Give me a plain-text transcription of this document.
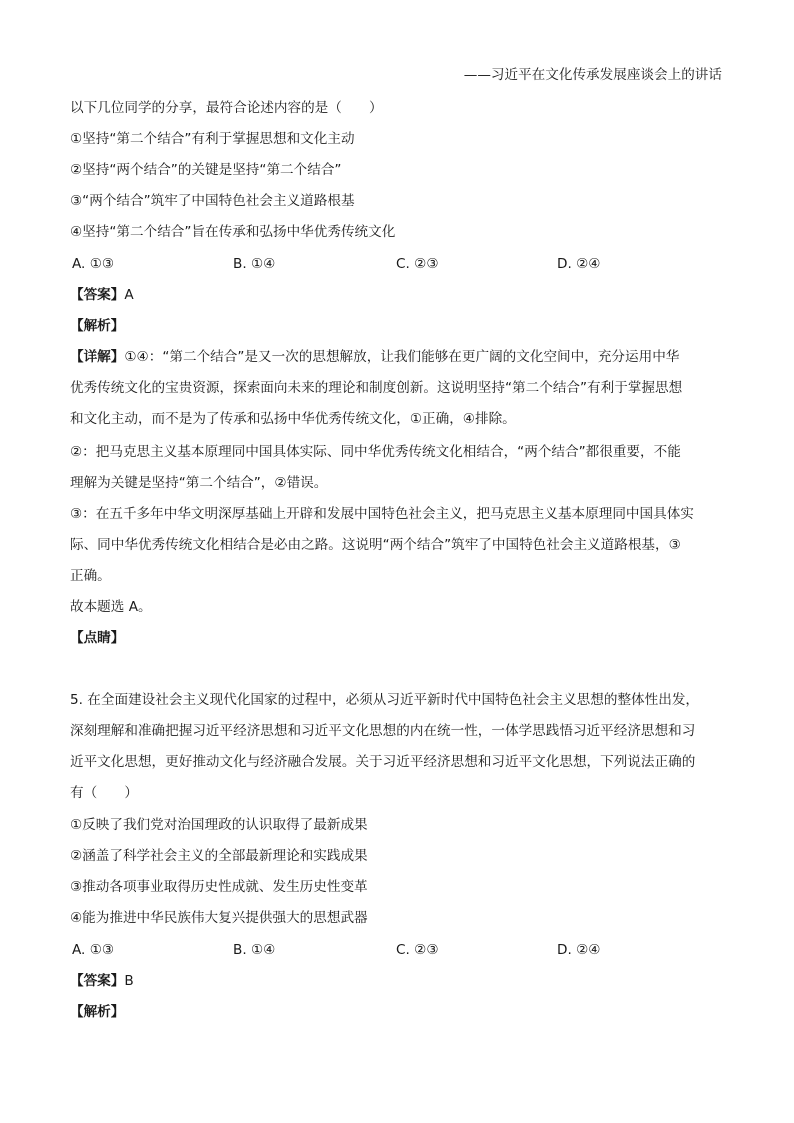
——习近平在文化传承发展座谈会上的讲话
以下几位同学的分享，最符合论述内容的是（　　）
①坚持“第二个结合”有利于掌握思想和文化主动
②坚持“两个结合”的关键是坚持“第二个结合”
③“两个结合”筑牢了中国特色社会主义道路根基
④坚持“第二个结合”旨在传承和弘扬中华优秀传统文化
A. ①③	B. ①④	C. ②③	D. ②④
【答案】A
【解析】
【详解】①④：“第二个结合”是又一次的思想解放，让我们能够在更广阔的文化空间中，充分运用中华
优秀传统文化的宝贵资源，探索面向未来的理论和制度创新。这说明坚持“第二个结合”有利于掌握思想
和文化主动，而不是为了传承和弘扬中华优秀传统文化，①正确，④排除。
②：把马克思主义基本原理同中国具体实际、同中华优秀传统文化相结合，“两个结合”都很重要，不能
理解为关键是坚持“第二个结合”，②错误。
③：在五千多年中华文明深厚基础上开辟和发展中国特色社会主义，把马克思主义基本原理同中国具体实
际、同中华优秀传统文化相结合是必由之路。这说明“两个结合”筑牢了中国特色社会主义道路根基，③
正确。
故本题选 A。
【点睛】
5. 在全面建设社会主义现代化国家的过程中，必须从习近平新时代中国特色社会主义思想的整体性出发，
深刻理解和准确把握习近平经济思想和习近平文化思想的内在统一性，一体学思践悟习近平经济思想和习
近平文化思想，更好推动文化与经济融合发展。关于习近平经济思想和习近平文化思想，下列说法正确的
有（　　）
①反映了我们党对治国理政的认识取得了最新成果
②涵盖了科学社会主义的全部最新理论和实践成果
③推动各项事业取得历史性成就、发生历史性变革
④能为推进中华民族伟大复兴提供强大的思想武器
A. ①③	B. ①④	C. ②③	D. ②④
【答案】B
【解析】
